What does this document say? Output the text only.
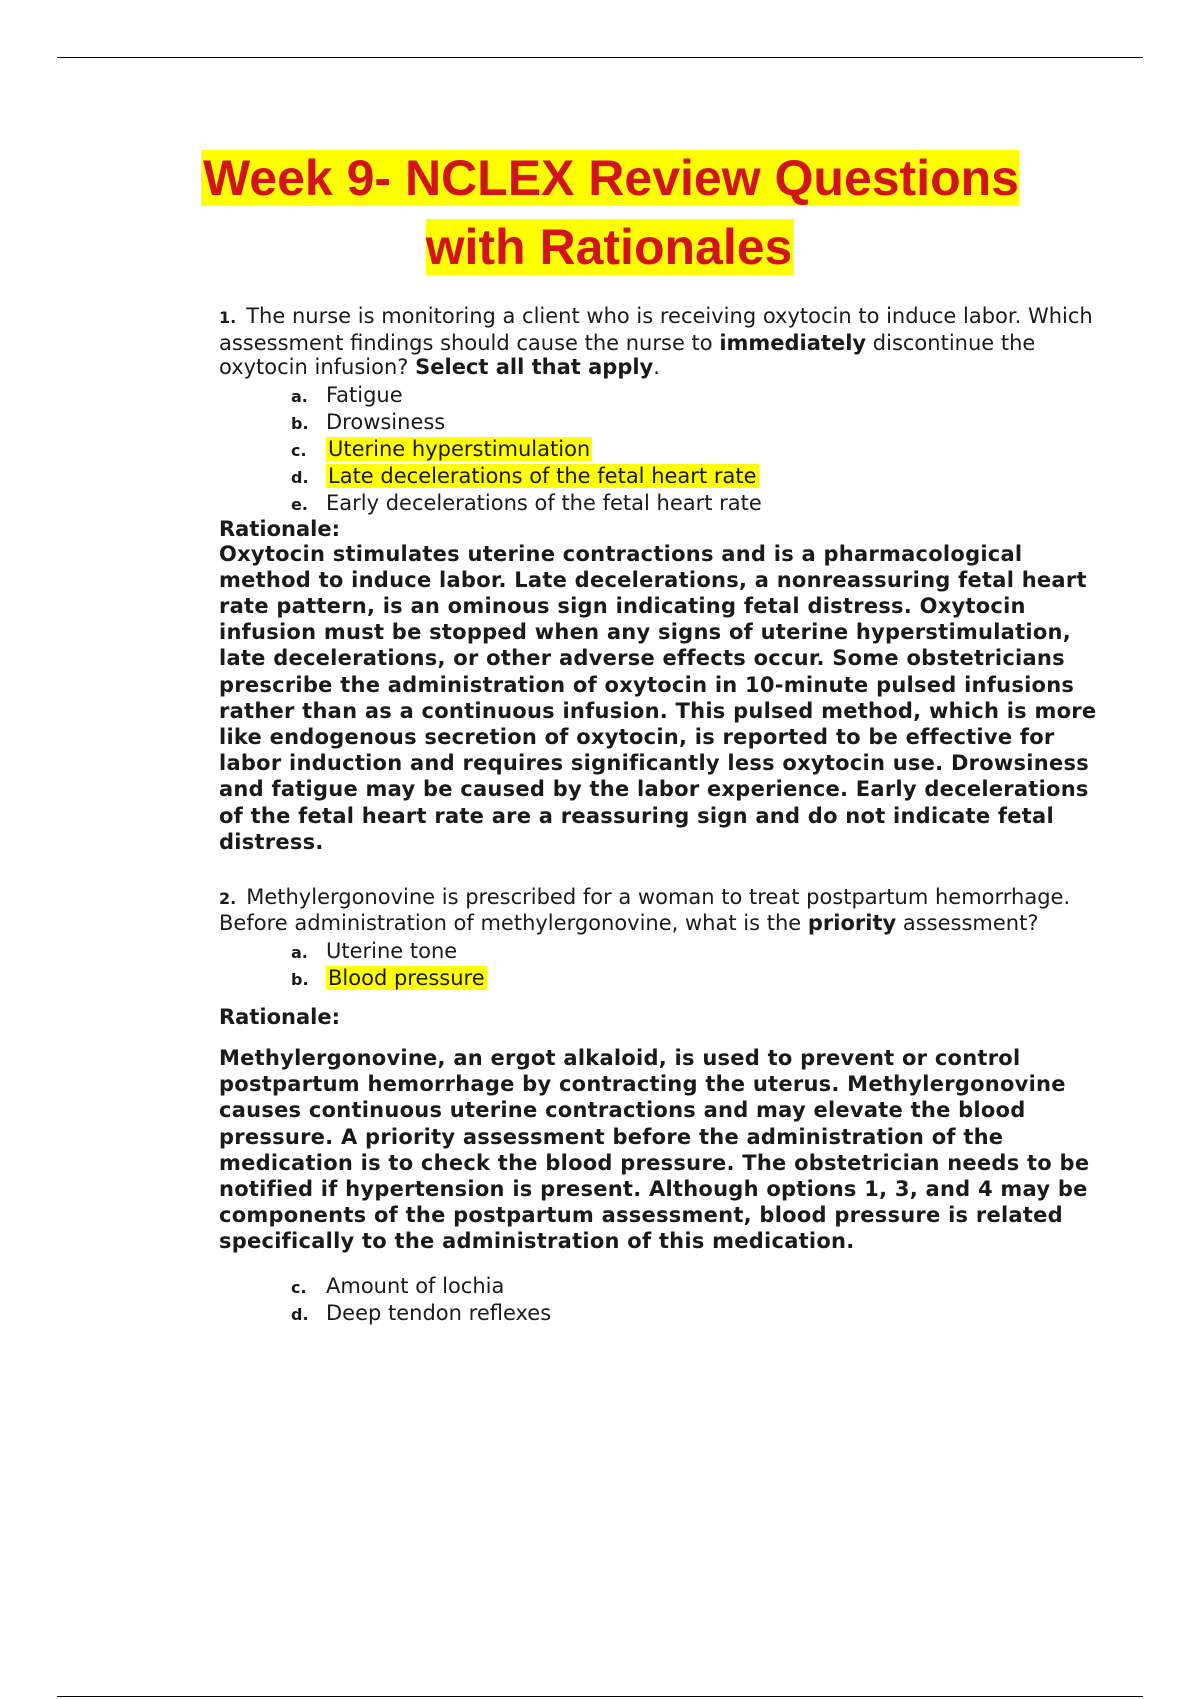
Week 9- NCLEX Review Questions with Rationales

1. The nurse is monitoring a client who is receiving oxytocin to induce labor. Which assessment findings should cause the nurse to immediately discontinue the oxytocin infusion? Select all that apply.

a. Fatigue
b. Drowsiness
c. Uterine hyperstimulation
d. Late decelerations of the fetal heart rate
e. Early decelerations of the fetal heart rate

Rationale:

Oxytocin stimulates uterine contractions and is a pharmacological method to induce labor. Late decelerations, a nonreassuring fetal heart rate pattern, is an ominous sign indicating fetal distress. Oxytocin infusion must be stopped when any signs of uterine hyperstimulation, late decelerations, or other adverse effects occur. Some obstetricians prescribe the administration of oxytocin in 10-minute pulsed infusions rather than as a continuous infusion. This pulsed method, which is more like endogenous secretion of oxytocin, is reported to be effective for labor induction and requires significantly less oxytocin use. Drowsiness and fatigue may be caused by the labor experience. Early decelerations of the fetal heart rate are a reassuring sign and do not indicate fetal distress.

2. Methylergonovine is prescribed for a woman to treat postpartum hemorrhage. Before administration of methylergonovine, what is the priority assessment?

a. Uterine tone
b. Blood pressure

Rationale:

Methylergonovine, an ergot alkaloid, is used to prevent or control postpartum hemorrhage by contracting the uterus. Methylergonovine causes continuous uterine contractions and may elevate the blood pressure. A priority assessment before the administration of the medication is to check the blood pressure. The obstetrician needs to be notified if hypertension is present. Although options 1, 3, and 4 may be components of the postpartum assessment, blood pressure is related specifically to the administration of this medication.

c. Amount of lochia
d. Deep tendon reflexes
